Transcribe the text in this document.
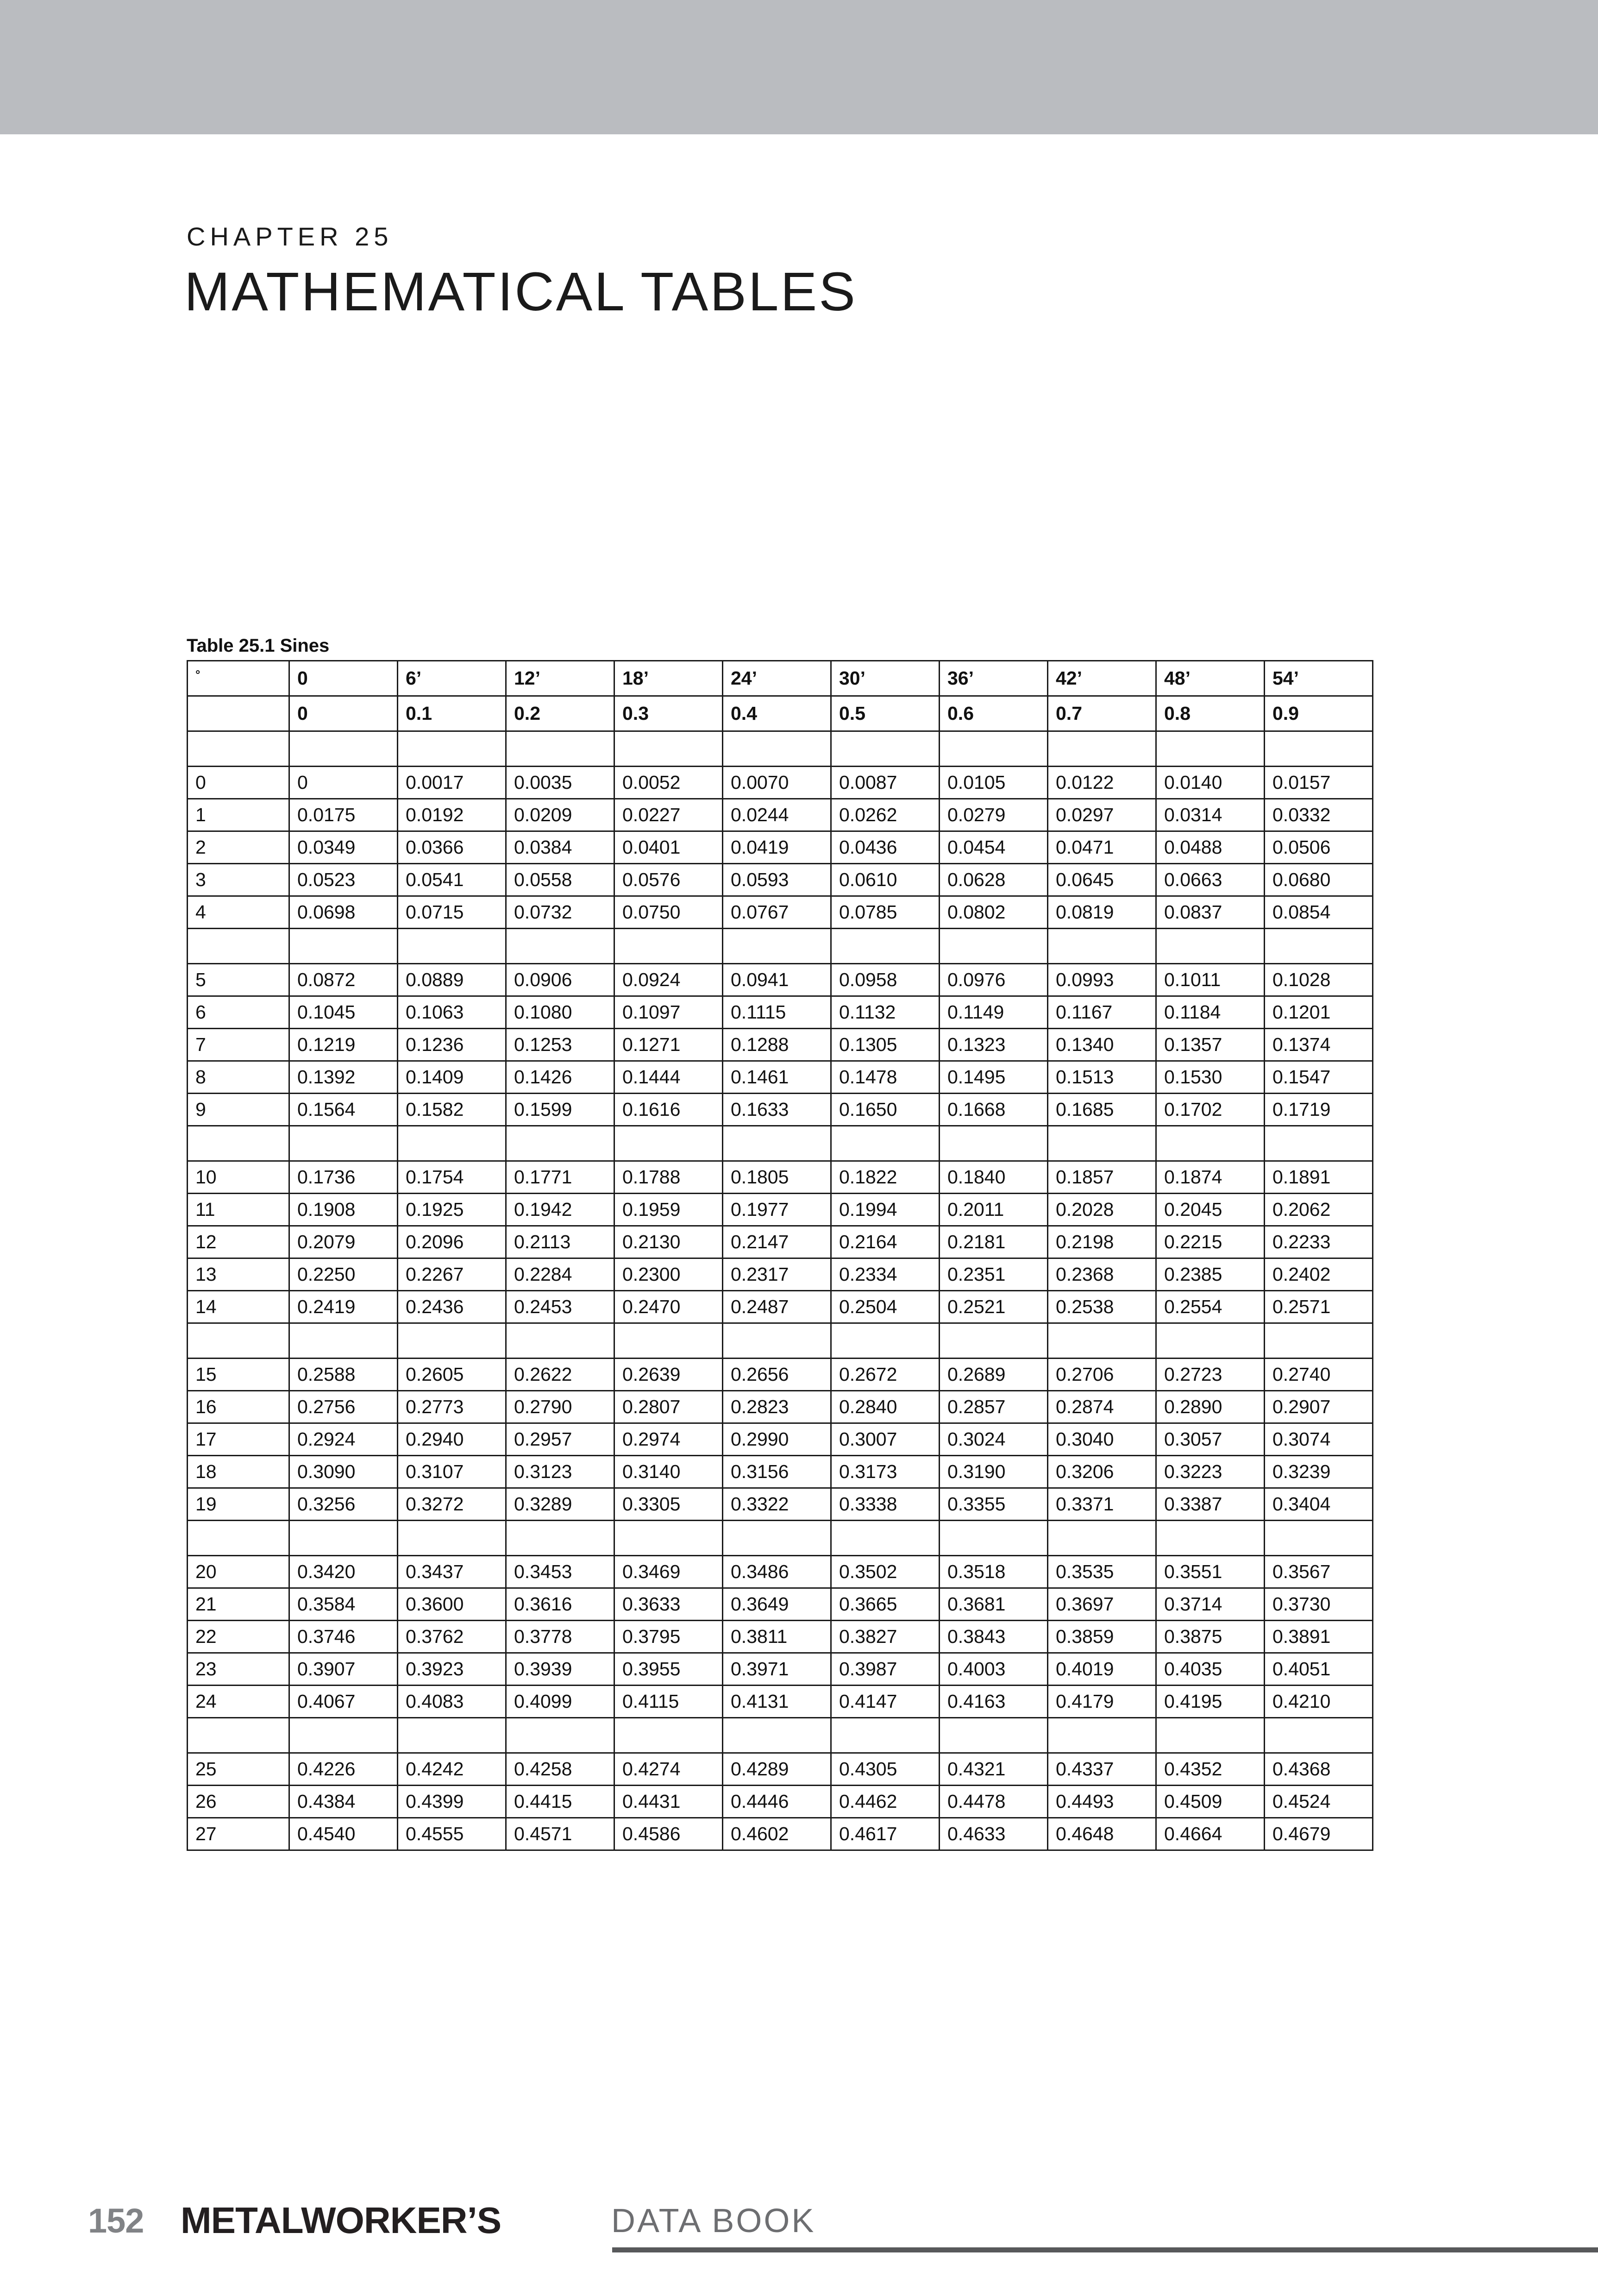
CHAPTER 25
MATHEMATICAL TABLES
Table 25.1 Sines
°	0	6’	12’	18’	24’	30’	36’	42’	48’	54’
	0	0.1	0.2	0.3	0.4	0.5	0.6	0.7	0.8	0.9

0	0	0.0017	0.0035	0.0052	0.0070	0.0087	0.0105	0.0122	0.0140	0.0157
1	0.0175	0.0192	0.0209	0.0227	0.0244	0.0262	0.0279	0.0297	0.0314	0.0332
2	0.0349	0.0366	0.0384	0.0401	0.0419	0.0436	0.0454	0.0471	0.0488	0.0506
3	0.0523	0.0541	0.0558	0.0576	0.0593	0.0610	0.0628	0.0645	0.0663	0.0680
4	0.0698	0.0715	0.0732	0.0750	0.0767	0.0785	0.0802	0.0819	0.0837	0.0854

5	0.0872	0.0889	0.0906	0.0924	0.0941	0.0958	0.0976	0.0993	0.1011	0.1028
6	0.1045	0.1063	0.1080	0.1097	0.1115	0.1132	0.1149	0.1167	0.1184	0.1201
7	0.1219	0.1236	0.1253	0.1271	0.1288	0.1305	0.1323	0.1340	0.1357	0.1374
8	0.1392	0.1409	0.1426	0.1444	0.1461	0.1478	0.1495	0.1513	0.1530	0.1547
9	0.1564	0.1582	0.1599	0.1616	0.1633	0.1650	0.1668	0.1685	0.1702	0.1719

10	0.1736	0.1754	0.1771	0.1788	0.1805	0.1822	0.1840	0.1857	0.1874	0.1891
11	0.1908	0.1925	0.1942	0.1959	0.1977	0.1994	0.2011	0.2028	0.2045	0.2062
12	0.2079	0.2096	0.2113	0.2130	0.2147	0.2164	0.2181	0.2198	0.2215	0.2233
13	0.2250	0.2267	0.2284	0.2300	0.2317	0.2334	0.2351	0.2368	0.2385	0.2402
14	0.2419	0.2436	0.2453	0.2470	0.2487	0.2504	0.2521	0.2538	0.2554	0.2571

15	0.2588	0.2605	0.2622	0.2639	0.2656	0.2672	0.2689	0.2706	0.2723	0.2740
16	0.2756	0.2773	0.2790	0.2807	0.2823	0.2840	0.2857	0.2874	0.2890	0.2907
17	0.2924	0.2940	0.2957	0.2974	0.2990	0.3007	0.3024	0.3040	0.3057	0.3074
18	0.3090	0.3107	0.3123	0.3140	0.3156	0.3173	0.3190	0.3206	0.3223	0.3239
19	0.3256	0.3272	0.3289	0.3305	0.3322	0.3338	0.3355	0.3371	0.3387	0.3404

20	0.3420	0.3437	0.3453	0.3469	0.3486	0.3502	0.3518	0.3535	0.3551	0.3567
21	0.3584	0.3600	0.3616	0.3633	0.3649	0.3665	0.3681	0.3697	0.3714	0.3730
22	0.3746	0.3762	0.3778	0.3795	0.3811	0.3827	0.3843	0.3859	0.3875	0.3891
23	0.3907	0.3923	0.3939	0.3955	0.3971	0.3987	0.4003	0.4019	0.4035	0.4051
24	0.4067	0.4083	0.4099	0.4115	0.4131	0.4147	0.4163	0.4179	0.4195	0.4210

25	0.4226	0.4242	0.4258	0.4274	0.4289	0.4305	0.4321	0.4337	0.4352	0.4368
26	0.4384	0.4399	0.4415	0.4431	0.4446	0.4462	0.4478	0.4493	0.4509	0.4524
27	0.4540	0.4555	0.4571	0.4586	0.4602	0.4617	0.4633	0.4648	0.4664	0.4679
152 METALWORKER’S	DATA BOOK
